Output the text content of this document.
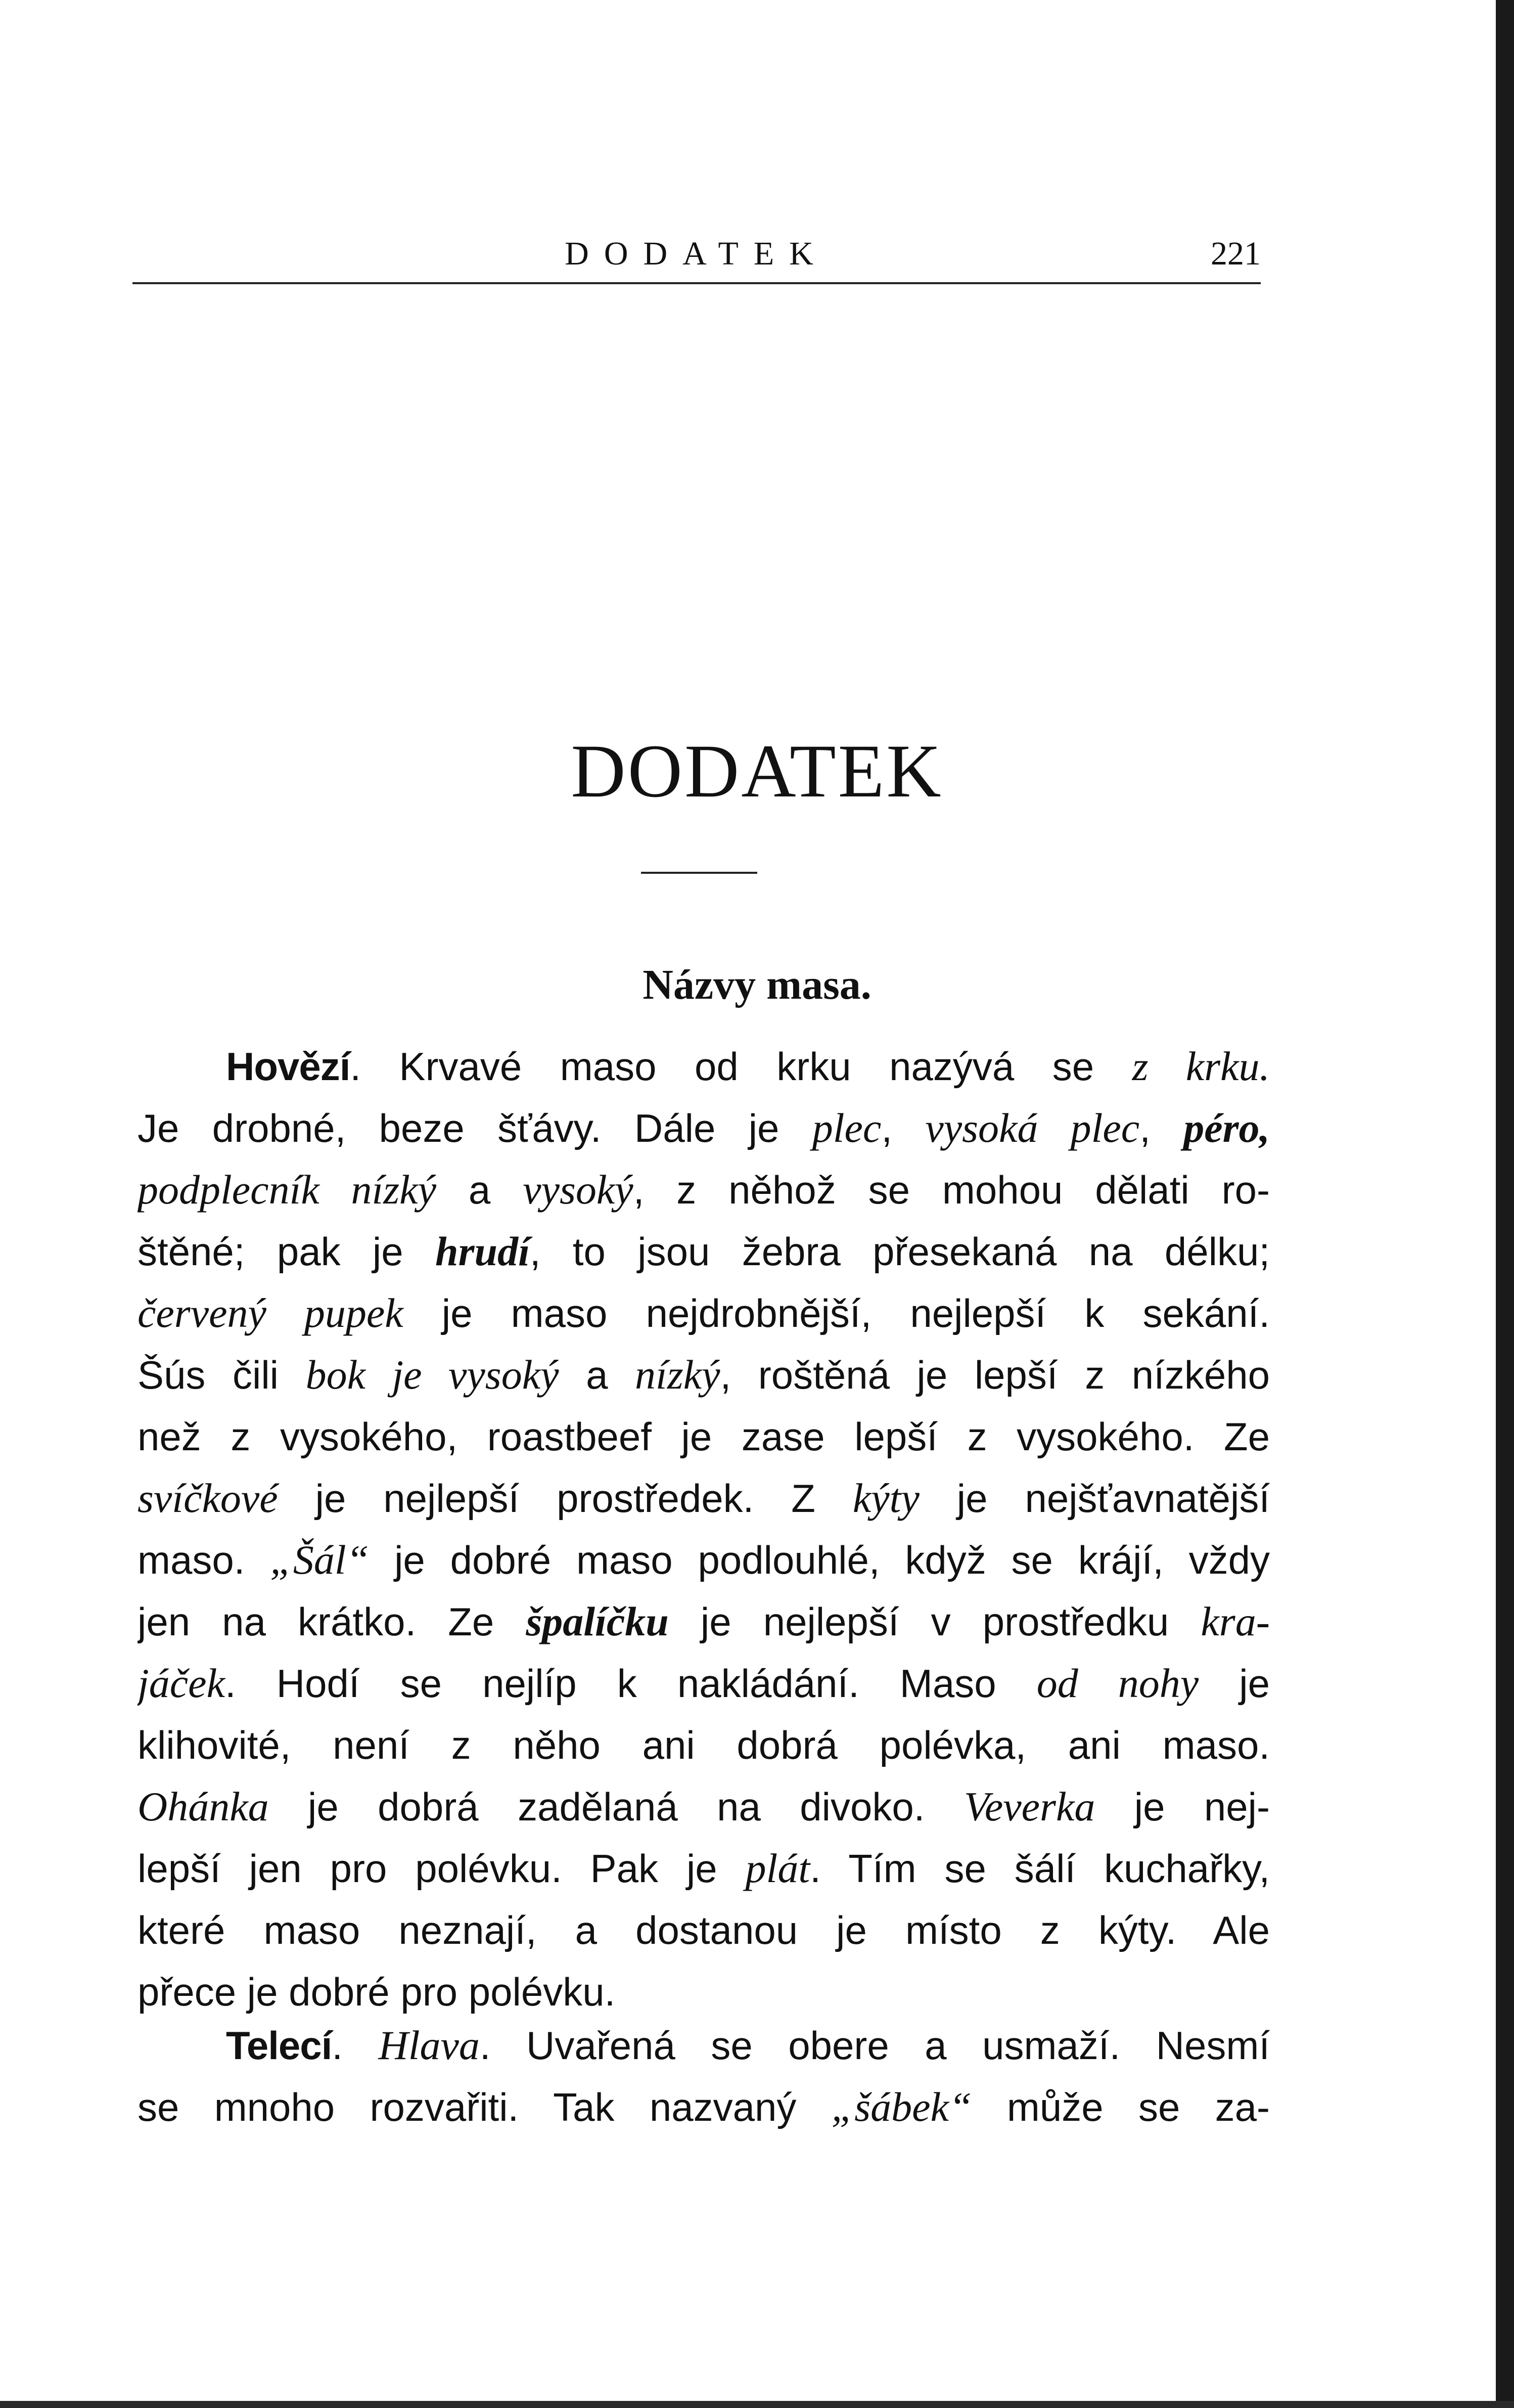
DODATEK	221
DODATEK
Názvy masa.
Hovězí. Krvavé maso od krku nazývá se z krku.
Je drobné, beze šťávy. Dále je plec, vysoká plec, péro,
podplecník nízký a vysoký, z něhož se mohou dělati ro-
štěné; pak je hrudí, to jsou žebra přesekaná na délku;
červený pupek je maso nejdrobnější, nejlepší k sekání.
Šús čili bok je vysoký a nízký, roštěná je lepší z nízkého
než z vysokého, roastbeef je zase lepší z vysokého. Ze
svíčkové je nejlepší prostředek. Z kýty je nejšťavnatější
maso. „Šál“ je dobré maso podlouhlé, když se krájí, vždy
jen na krátko. Ze špalíčku je nejlepší v prostředku kra-
jáček. Hodí se nejlíp k nakládání. Maso od nohy je
klihovité, není z něho ani dobrá polévka, ani maso.
Ohánka je dobrá zadělaná na divoko. Veverka je nej-
lepší jen pro polévku. Pak je plát. Tím se šálí kuchařky,
které maso neznají, a dostanou je místo z kýty. Ale
přece je dobré pro polévku.
Telecí. Hlava. Uvařená se obere a usmaží. Nesmí
se mnoho rozvařiti. Tak nazvaný „šábek“ může se za-
